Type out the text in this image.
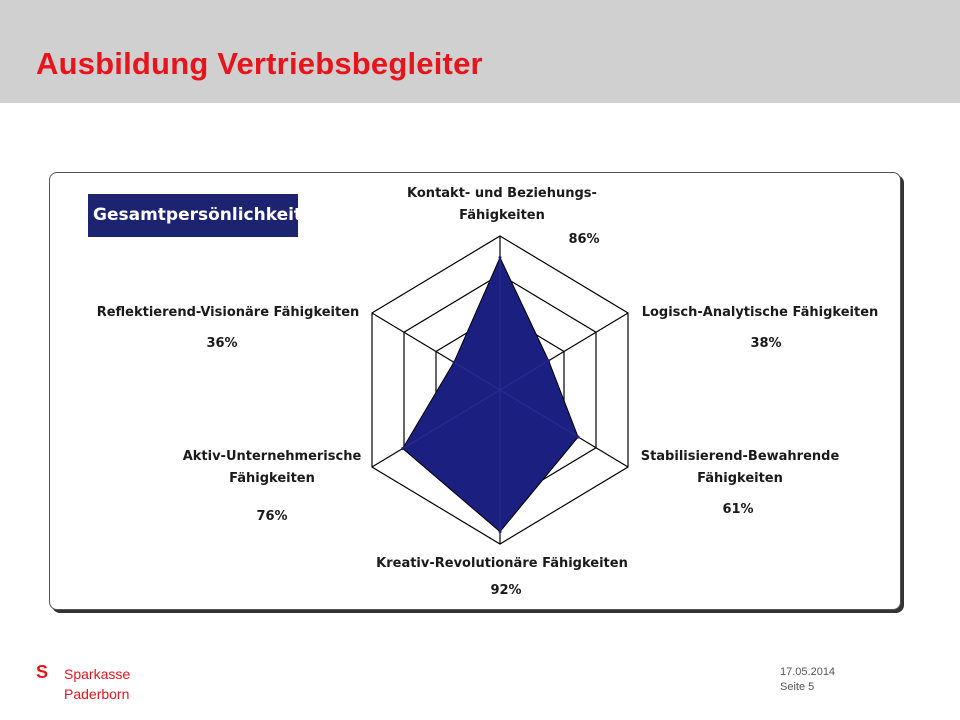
Ausbildung Vertriebsbegleiter
Gesamtpersönlichkeit
Kontakt- und Beziehungs-
Fähigkeiten
86%
Logisch-Analytische Fähigkeiten
38%
Stabilisierend-Bewahrende
Fähigkeiten
61%
Kreativ-Revolutionäre Fähigkeiten
92%
Aktiv-Unternehmerische
Fähigkeiten
76%
Reflektierend-Visionäre Fähigkeiten
36%
S Sparkasse
Paderborn
17.05.2014
Seite 5
